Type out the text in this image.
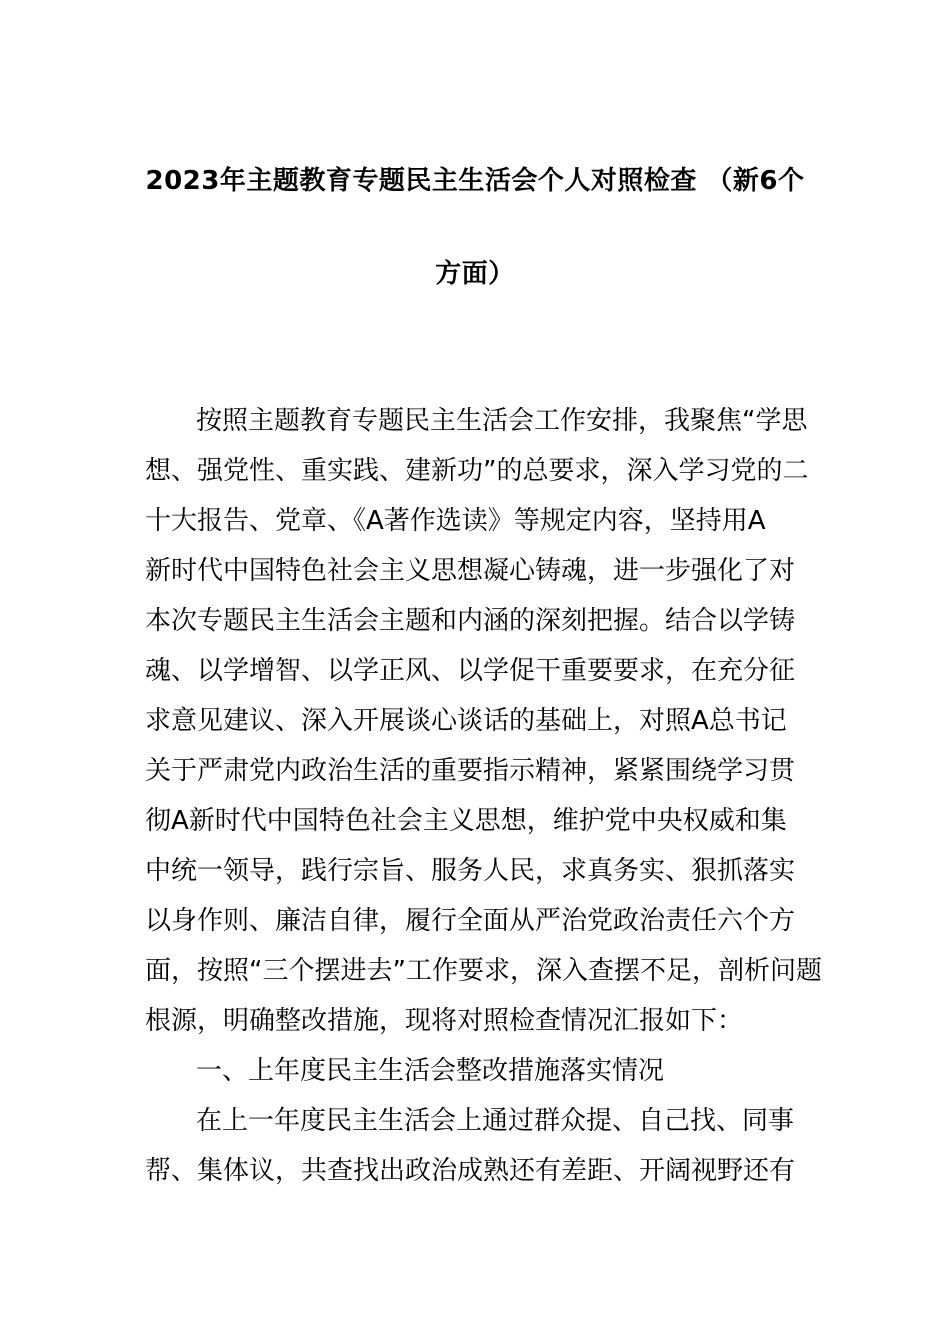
2023年主题教育专题民主生活会个人对照检查 （新6个
方面）
按照主题教育专题民主生活会工作安排，我聚焦“学思
想、强党性、重实践、建新功”的总要求，深入学习党的二
十大报告、党章、《A著作选读》等规定内容，坚持用A
新时代中国特色社会主义思想凝心铸魂，进一步强化了对
本次专题民主生活会主题和内涵的深刻把握。结合以学铸
魂、以学增智、以学正风、以学促干重要要求，在充分征
求意见建议、深入开展谈心谈话的基础上，对照A总书记
关于严肃党内政治生活的重要指示精神，紧紧围绕学习贯
彻A新时代中国特色社会主义思想，维护党中央权威和集
中统一领导，践行宗旨、服务人民，求真务实、狠抓落实
以身作则、廉洁自律，履行全面从严治党政治责任六个方
面，按照“三个摆进去”工作要求，深入查摆不足，剖析问题
根源，明确整改措施，现将对照检查情况汇报如下：
一、上年度民主生活会整改措施落实情况
在上一年度民主生活会上通过群众提、自己找、同事
帮、集体议，共查找出政治成熟还有差距、开阔视野还有
